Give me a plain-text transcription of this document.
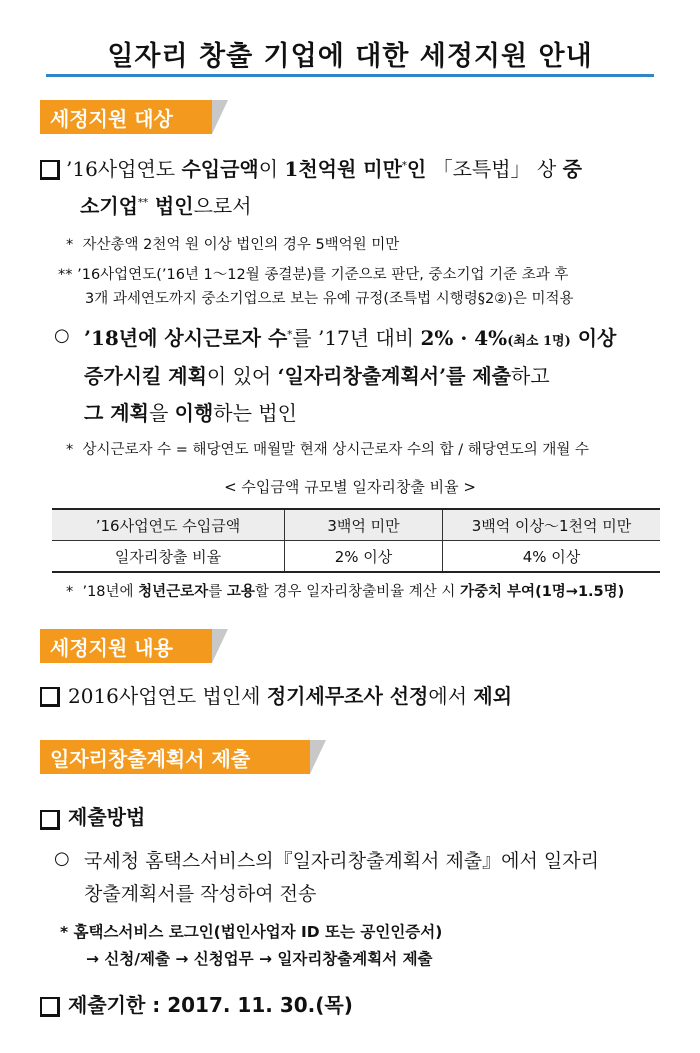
일자리 창출 기업에 대한 세정지원 안내
세정지원 대상
’16사업연도 수입금액이 1천억원 미만*인 「조특법」 상 중
소기업** 법인으로서
* 자산총액 2천억 원 이상 법인의 경우 5백억원 미만
** ’16사업연도(’16년 1～12월 종결분)를 기준으로 판단, 중소기업 기준 초과 후
3개 과세연도까지 중소기업으로 보는 유예 규정(조특법 시행령§2②)은 미적용
○ ’18년에 상시근로자 수*를 ’17년 대비 2% · 4%(최소 1명) 이상
증가시킬 계획이 있어 ‘일자리창출계획서’를 제출하고
그 계획을 이행하는 법인
* 상시근로자 수 = 해당연도 매월말 현재 상시근로자 수의 합 / 해당연도의 개월 수
< 수입금액 규모별 일자리창출 비율 >
’16사업연도 수입금액	3백억 미만	3백억 이상～1천억 미만
일자리창출 비율	2% 이상	4% 이상
* ’18년에 청년근로자를 고용할 경우 일자리창출비율 계산 시 가중치 부여(1명→1.5명)
세정지원 내용
2016사업연도 법인세 정기세무조사 선정에서 제외
일자리창출계획서 제출
제출방법
○ 국세청 홈택스서비스의『일자리창출계획서 제출』에서 일자리
창출계획서를 작성하여 전송
* 홈택스서비스 로그인(법인사업자 ID 또는 공인인증서)
→ 신청/제출 → 신청업무 → 일자리창출계획서 제출
제출기한 : 2017. 11. 30.(목)
